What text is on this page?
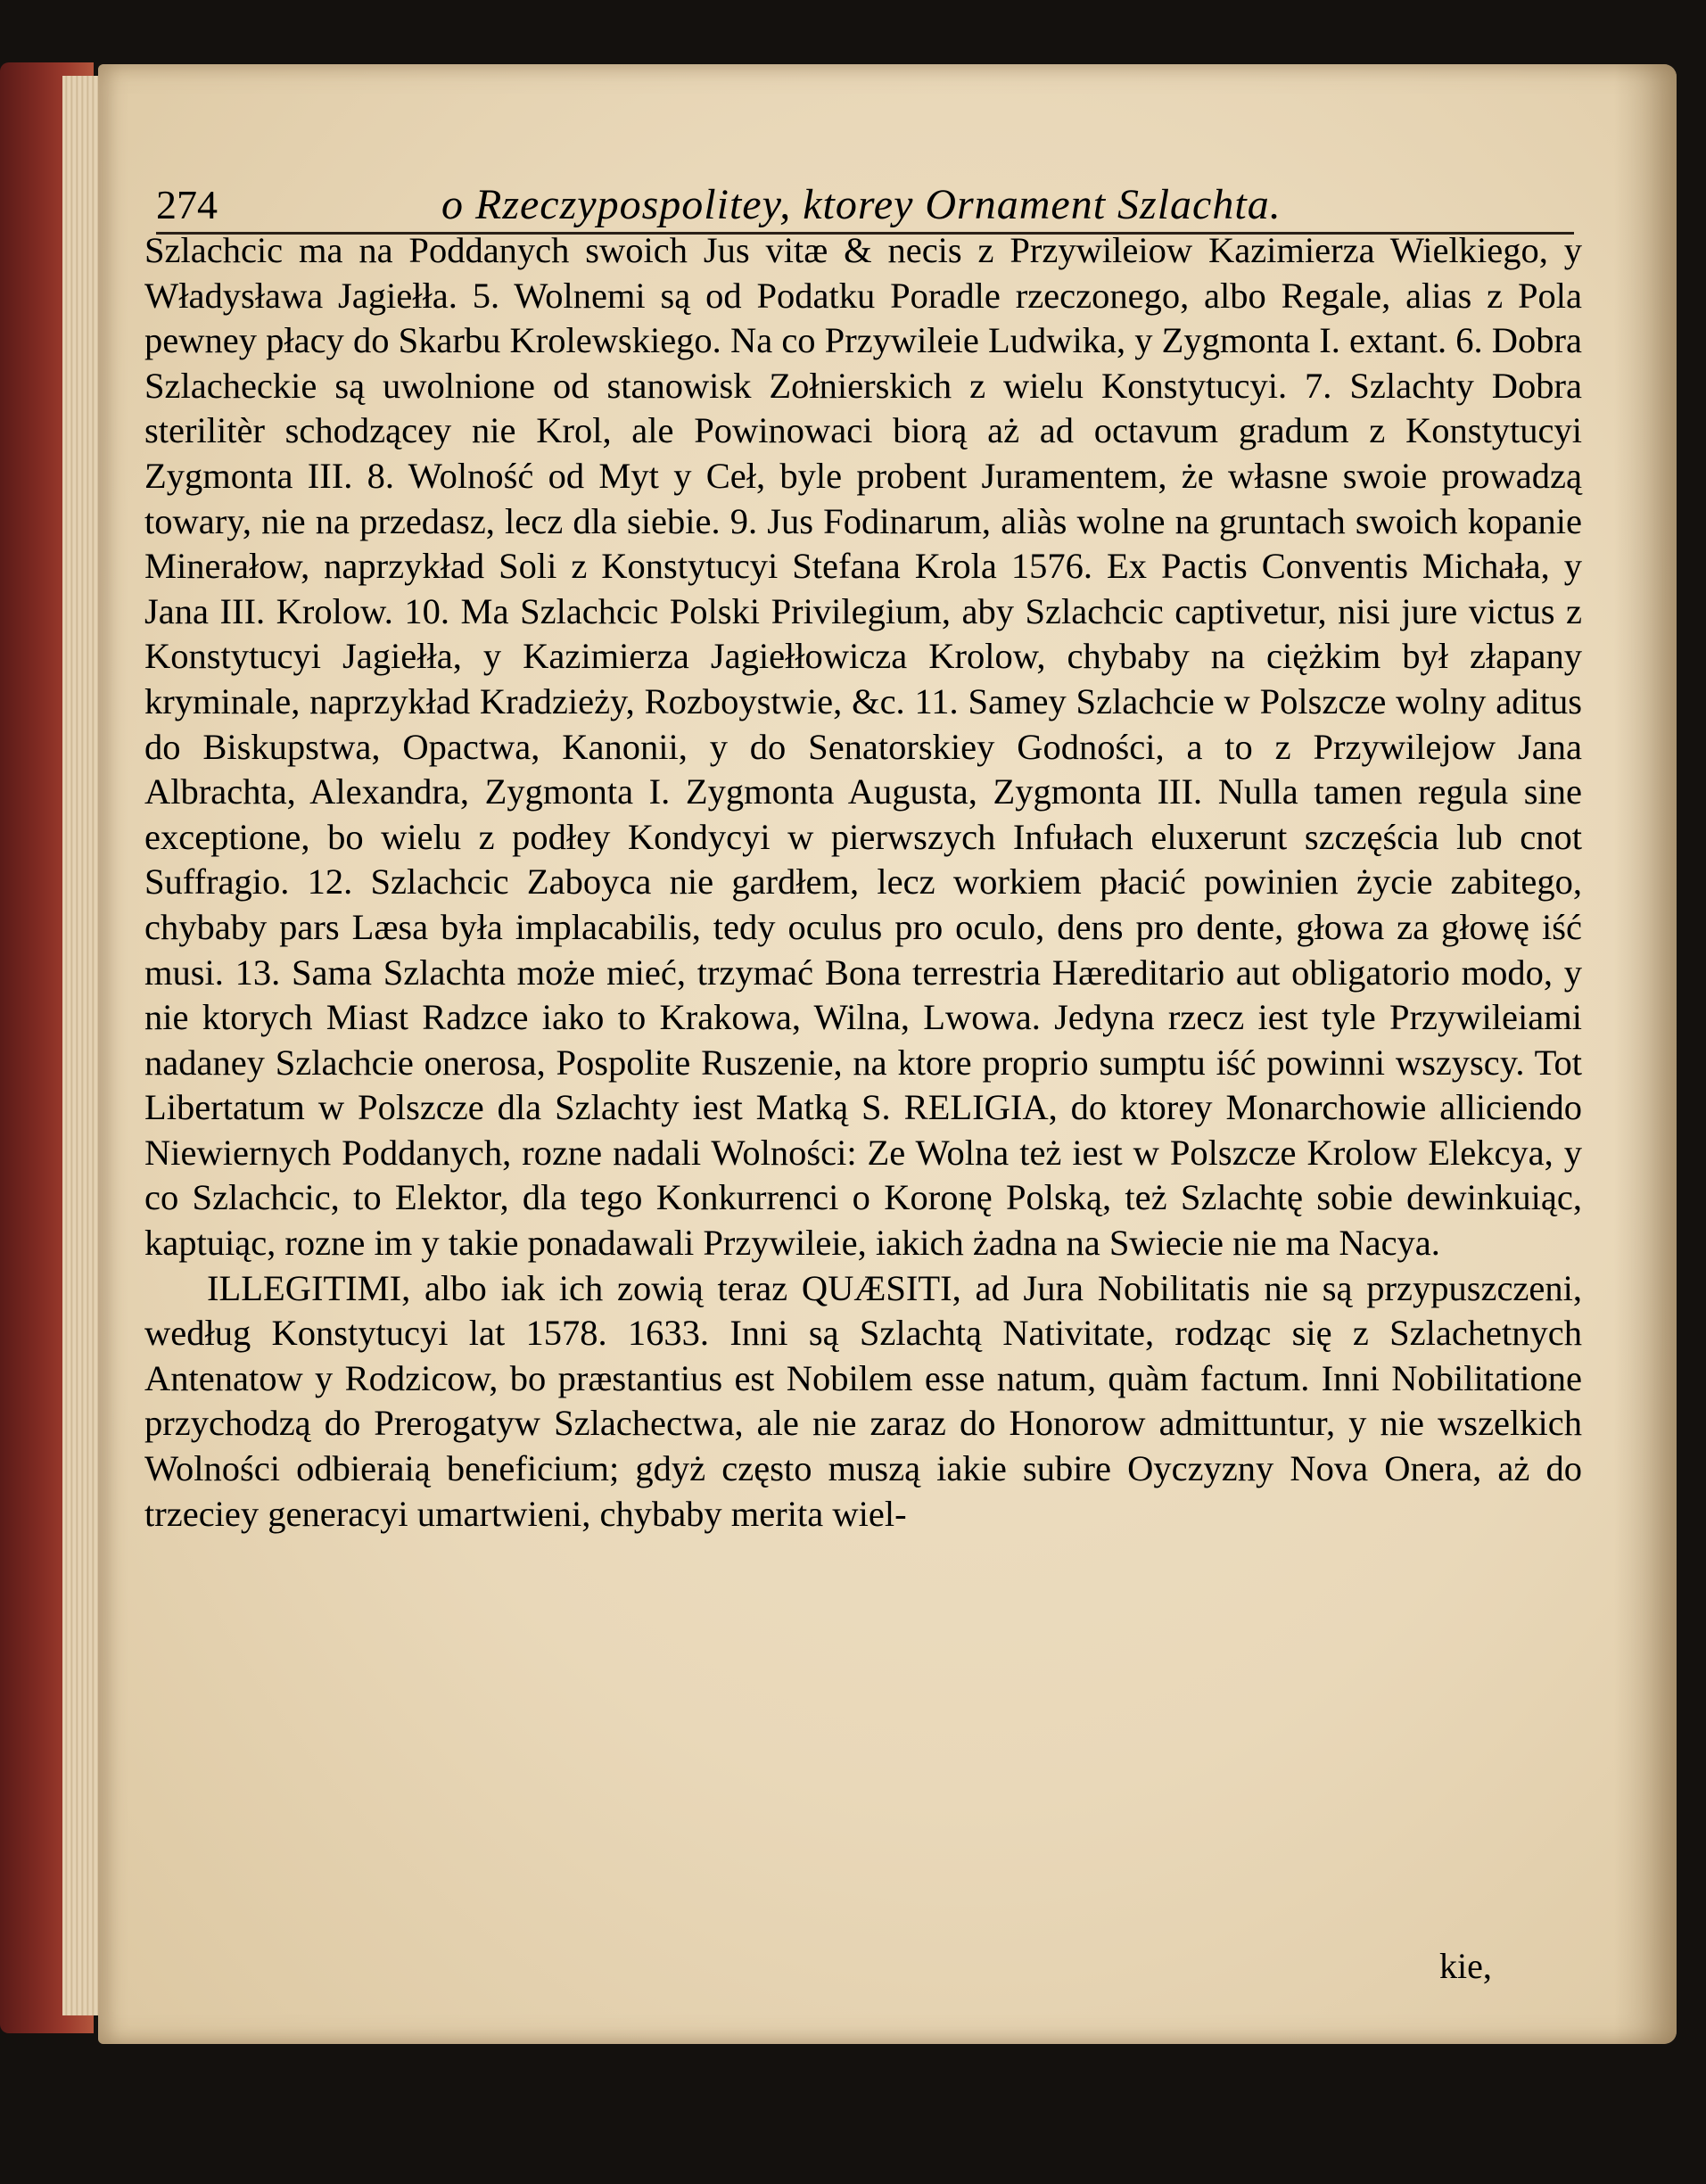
274	o Rzeczypospolitey, ktorey Ornament Szlachta.

Szlachcic ma na Poddanych swoich Jus vitæ & necis z Przywileiow Kazimierza Wielkiego, y Władysława Jagiełła. 5. Wolnemi są od Podatku Poradle rzeczonego, albo Regale, alias z Pola pewney płacy do Skarbu Krolewskiego. Na co Przywileie Ludwika, y Zygmonta I. extant. 6. Dobra Szlacheckie są uwolnione od stanowisk Zołnierskich z wielu Konstytucyi. 7. Szlachty Dobra sterilitèr schodzącey nie Krol, ale Powinowaci biorą aż ad octavum gradum z Konstytucyi Zygmonta III. 8. Wolność od Myt y Ceł, byle probent Juramentem, że własne swoie prowadzą towary, nie na przedasz, lecz dla siebie. 9. Jus Fodinarum, aliàs wolne na gruntach swoich kopanie Minerałow, naprzykład Soli z Konstytucyi Stefana Krola 1576. Ex Pactis Conventis Michała, y Jana III. Krolow. 10. Ma Szlachcic Polski Privilegium, aby Szlachcic captivetur, nisi jure victus z Konstytucyi Jagiełła, y Kazimierza Jagiełłowicza Krolow, chybaby na ciężkim był złapany kryminale, naprzykład Kradzieży, Rozboystwie, &c. 11. Samey Szlachcie w Polszcze wolny aditus do Biskupstwa, Opactwa, Kanonii, y do Senatorskiey Godności, a to z Przywilejow Jana Albrachta, Alexandra, Zygmonta I. Zygmonta Augusta, Zygmonta III. Nulla tamen regula sine exceptione, bo wielu z podłey Kondycyi w pierwszych Infułach eluxerunt szczęścia lub cnot Suffragio. 12. Szlachcic Zaboyca nie gardłem, lecz workiem płacić powinien życie zabitego, chybaby pars Læsa była implacabilis, tedy oculus pro oculo, dens pro dente, głowa za głowę iść musi. 13. Sama Szlachta może mieć, trzymać Bona terrestria Hæreditario aut obligatorio modo, y nie ktorych Miast Radzce iako to Krakowa, Wilna, Lwowa. Jedyna rzecz iest tyle Przywileiami nadaney Szlachcie onerosa, Pospolite Ruszenie, na ktore proprio sumptu iść powinni wszyscy. Tot Libertatum w Polszcze dla Szlachty iest Matką S. RELIGIA, do ktorey Monarchowie alliciendo Niewiernych Poddanych, rozne nadali Wolności: Ze Wolna też iest w Polszcze Krolow Elekcya, y co Szlachcic, to Elektor, dla tego Konkurrenci o Koronę Polską, też Szlachtę sobie dewinkuiąc, kaptuiąc, rozne im y takie ponadawali Przywileie, iakich żadna na Swiecie nie ma Nacya.

ILLEGITIMI, albo iak ich zowią teraz QUÆSITI, ad Jura Nobilitatis nie są przypuszczeni, według Konstytucyi lat 1578. 1633. Inni są Szlachtą Nativitate, rodząc się z Szlachetnych Antenatow y Rodzicow, bo præstantius est Nobilem esse natum, quàm factum. Inni Nobilitatione przychodzą do Prerogatyw Szlachectwa, ale nie zaraz do Honorow admittuntur, y nie wszelkich Wolności odbieraią beneficium; gdyż często muszą iakie subire Oyczyzny Nova Onera, aż do trzeciey generacyi umartwieni, chybaby merita wiel-

kie,
